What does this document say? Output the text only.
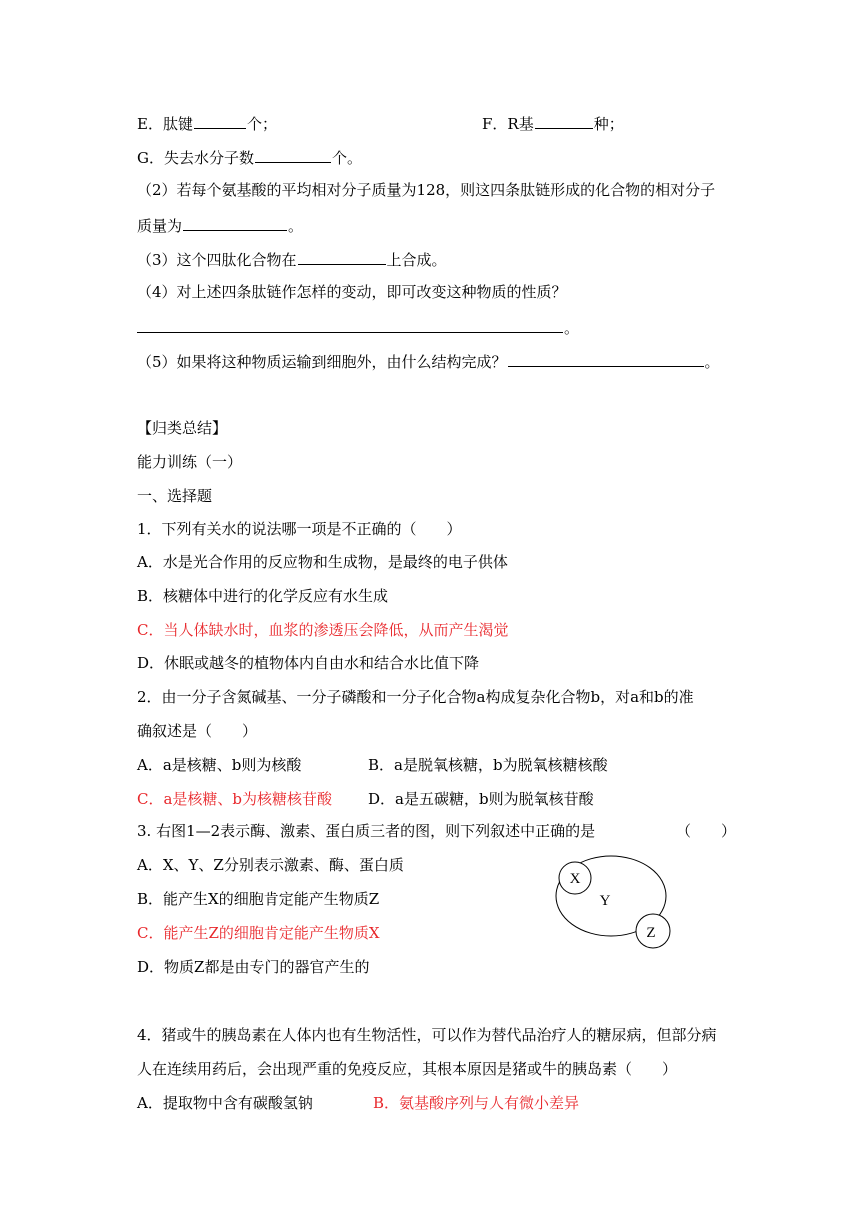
E．肽键	个；	F．R基	种；
G．失去水分子数	个。
（2）若每个氨基酸的平均相对分子质量为128，则这四条肽链形成的化合物的相对分子
质量为	。
（3）这个四肽化合物在	上合成。
（4）对上述四条肽链作怎样的变动，即可改变这种物质的性质？
。
（5）如果将这种物质运输到细胞外，由什么结构完成？	。
【归类总结】
能力训练（一）
一、选择题
1．下列有关水的说法哪一项是不正确的（　　）
A．水是光合作用的反应物和生成物，是最终的电子供体
B．核糖体中进行的化学反应有水生成
C．当人体缺水时，血浆的渗透压会降低，从而产生渴觉
D．休眠或越冬的植物体内自由水和结合水比值下降
2．由一分子含氮碱基、一分子磷酸和一分子化合物a构成复杂化合物b，对a和b的准
确叙述是（　　）
A．a是核糖、b则为核酸	B．a是脱氧核糖，b为脱氧核糖核酸
C．a是核糖、b为核糖核苷酸 D．a是五碳糖，b则为脱氧核苷酸
3. 右图1—2表示酶、激素、蛋白质三者的图，则下列叙述中正确的是	（　　）
A．X、Y、Z分别表示激素、酶、蛋白质
B．能产生X的细胞肯定能产生物质Z
C．能产生Z的细胞肯定能产生物质X
D．物质Z都是由专门的器官产生的
X
Y
Z
4．猪或牛的胰岛素在人体内也有生物活性，可以作为替代品治疗人的糖尿病，但部分病
人在连续用药后，会出现严重的免疫反应，其根本原因是猪或牛的胰岛素（　　）
A．提取物中含有碳酸氢钠	B．氨基酸序列与人有微小差异
